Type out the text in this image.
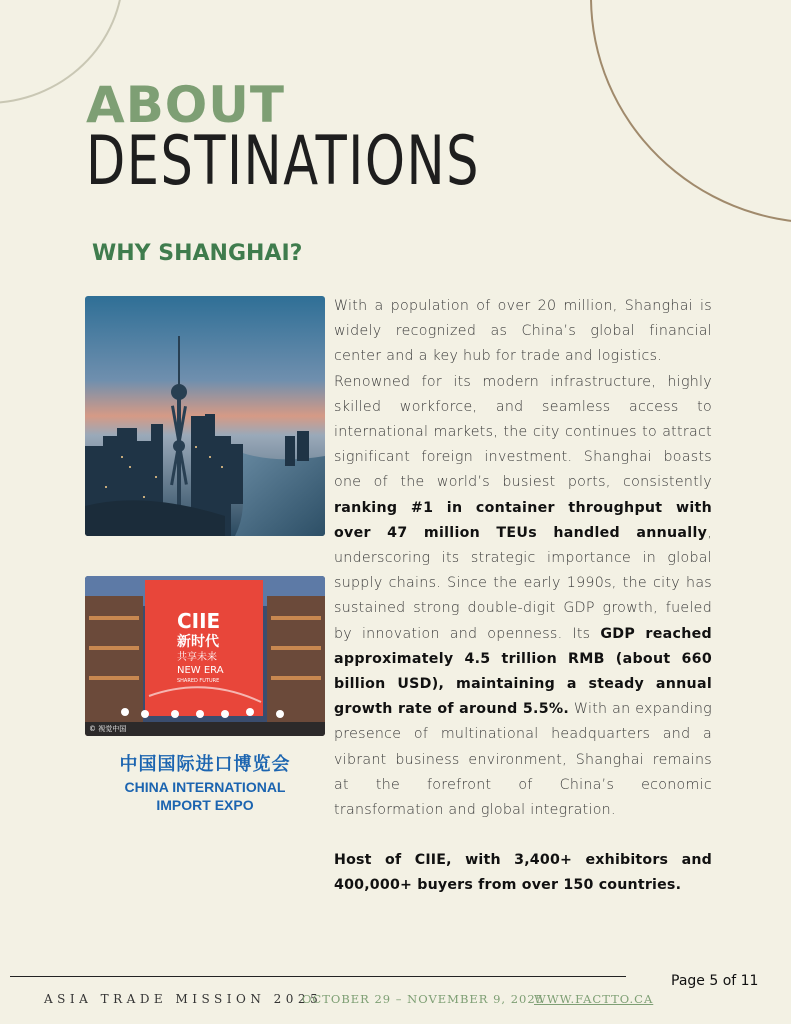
ABOUT
DESTINATIONS
WHY SHANGHAI?
CIIE
新时代
共享未来
NEW ERA
SHARED FUTURE
© 视觉中国
中国国际进口博览会
CHINA INTERNATIONAL
IMPORT EXPO

With a population of over 20 million, Shanghai is widely recognized as China’s global financial center and a key hub for trade and logistics.

Renowned for its modern infrastructure, highly skilled workforce, and seamless access to international markets, the city continues to attract significant foreign investment. Shanghai boasts one of the world’s busiest ports, consistently ranking #1 in container throughput with over 47 million TEUs handled annually, underscoring its strategic importance in global supply chains. Since the early 1990s, the city has sustained strong double-digit GDP growth, fueled by innovation and openness. Its GDP reached approximately 4.5 trillion RMB (about 660 billion USD), maintaining a steady annual growth rate of around 5.5%. With an expanding presence of multinational headquarters and a vibrant business environment, Shanghai remains at the forefront of China’s economic transformation and global integration.

Host of CIIE, with 3,400+ exhibitors and 400,000+ buyers from over 150 countries.
Page 5 of 11
ASIA TRADE MISSION 2025
OCTOBER 29 – NOVEMBER 9, 2025
WWW.FACTTO.CA
